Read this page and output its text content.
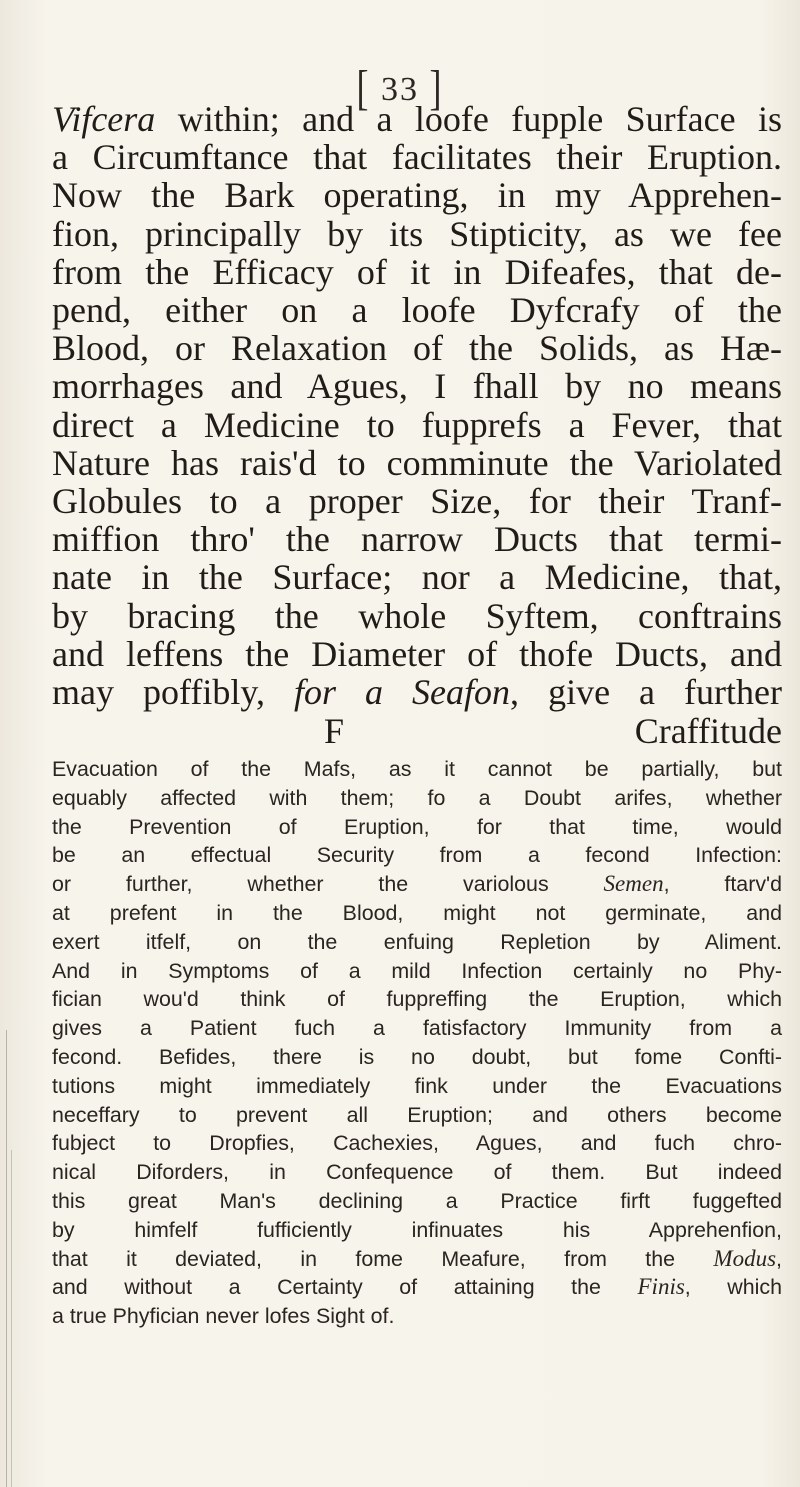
[ 33 ]
Vifcera within; and a loofe fupple Surface is
a Circumftance that facilitates their Eruption.
Now the Bark operating, in my Apprehen-
fion, principally by its Stipticity, as we fee
from the Efficacy of it in Difeafes, that de-
pend, either on a loofe Dyfcrafy of the
Blood, or Relaxation of the Solids, as Hæ-
morrhages and Agues, I fhall by no means
direct a Medicine to fupprefs a Fever, that
Nature has rais'd to comminute the Variolated
Globules to a proper Size, for their Tranf-
miffion thro' the narrow Ducts that termi-
nate in the Surface; nor a Medicine, that,
by bracing the whole Syftem, conftrains
and leffens the Diameter of thofe Ducts, and
may poffibly, for a Seafon, give a further
F	Craffitude
Evacuation of the Mafs, as it cannot be partially, but
equably affected with them; fo a Doubt arifes, whether
the Prevention of Eruption, for that time, would
be an effectual Security from a fecond Infection:
or further, whether the variolous Semen, ftarv'd
at prefent in the Blood, might not germinate, and
exert itfelf, on the enfuing Repletion by Aliment.
And in Symptoms of a mild Infection certainly no Phy-
fician wou'd think of fuppreffing the Eruption, which
gives a Patient fuch a fatisfactory Immunity from a
fecond. Befides, there is no doubt, but fome Confti-
tutions might immediately fink under the Evacuations
neceffary to prevent all Eruption; and others become
fubject to Dropfies, Cachexies, Agues, and fuch chro-
nical Diforders, in Confequence of them. But indeed
this great Man's declining a Practice firft fuggefted
by himfelf fufficiently infinuates his Apprehenfion,
that it deviated, in fome Meafure, from the Modus,
and without a Certainty of attaining the Finis, which
a true Phyfician never lofes Sight of.
